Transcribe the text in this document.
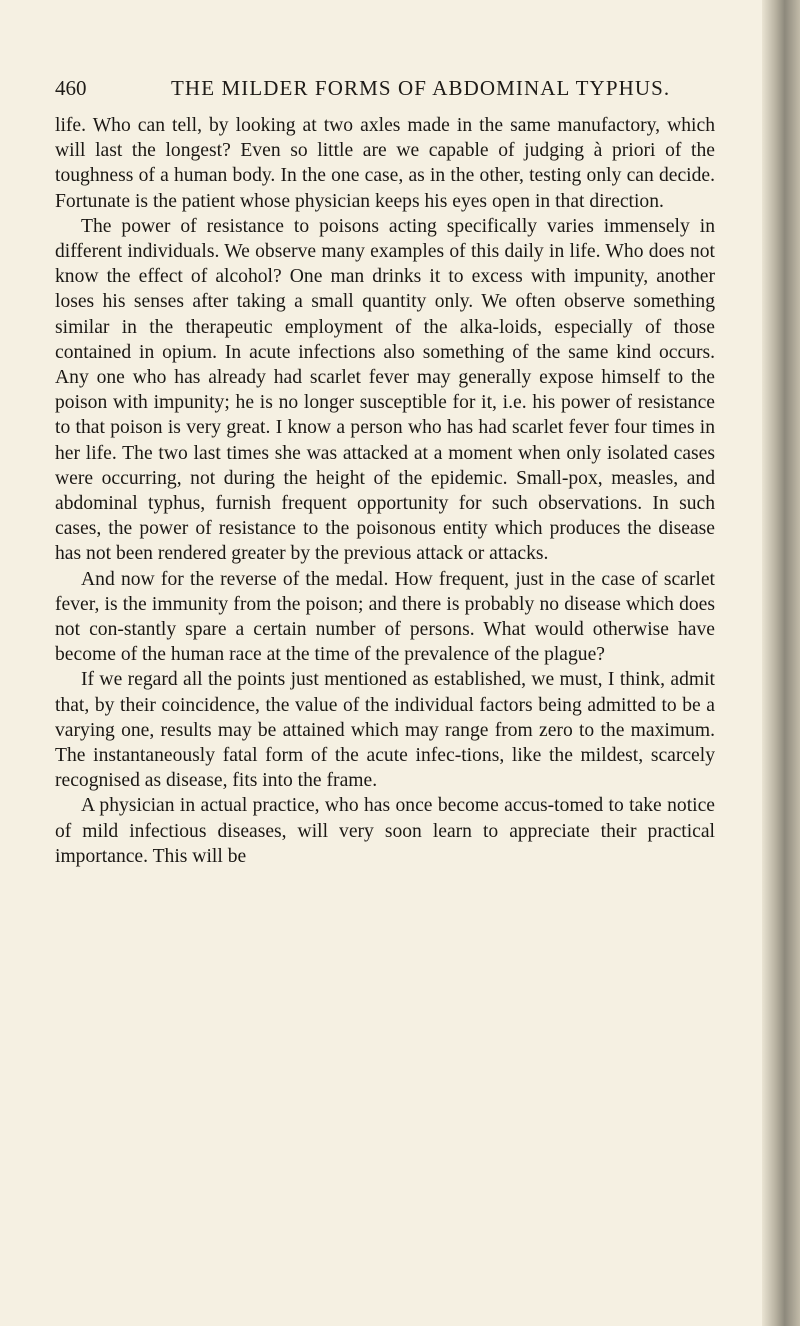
460	THE MILDER FORMS OF ABDOMINAL TYPHUS.

life. Who can tell, by looking at two axles made in the same manufactory, which will last the longest? Even so little are we capable of judging à priori of the toughness of a human body. In the one case, as in the other, testing only can decide. Fortunate is the patient whose physician keeps his eyes open in that direction.

The power of resistance to poisons acting specifically varies immensely in different individuals. We observe many examples of this daily in life. Who does not know the effect of alcohol? One man drinks it to excess with impunity, another loses his senses after taking a small quantity only. We often observe something similar in the therapeutic employment of the alka-loids, especially of those contained in opium. In acute infections also something of the same kind occurs. Any one who has already had scarlet fever may generally expose himself to the poison with impunity; he is no longer susceptible for it, i.e. his power of resistance to that poison is very great. I know a person who has had scarlet fever four times in her life. The two last times she was attacked at a moment when only isolated cases were occurring, not during the height of the epidemic. Small-pox, measles, and abdominal typhus, furnish frequent opportunity for such observations. In such cases, the power of resistance to the poisonous entity which produces the disease has not been rendered greater by the previous attack or attacks.

And now for the reverse of the medal. How frequent, just in the case of scarlet fever, is the immunity from the poison; and there is probably no disease which does not con-stantly spare a certain number of persons. What would otherwise have become of the human race at the time of the prevalence of the plague?

If we regard all the points just mentioned as established, we must, I think, admit that, by their coincidence, the value of the individual factors being admitted to be a varying one, results may be attained which may range from zero to the maximum. The instantaneously fatal form of the acute infec-tions, like the mildest, scarcely recognised as disease, fits into the frame.

A physician in actual practice, who has once become accus-tomed to take notice of mild infectious diseases, will very soon learn to appreciate their practical importance. This will be
